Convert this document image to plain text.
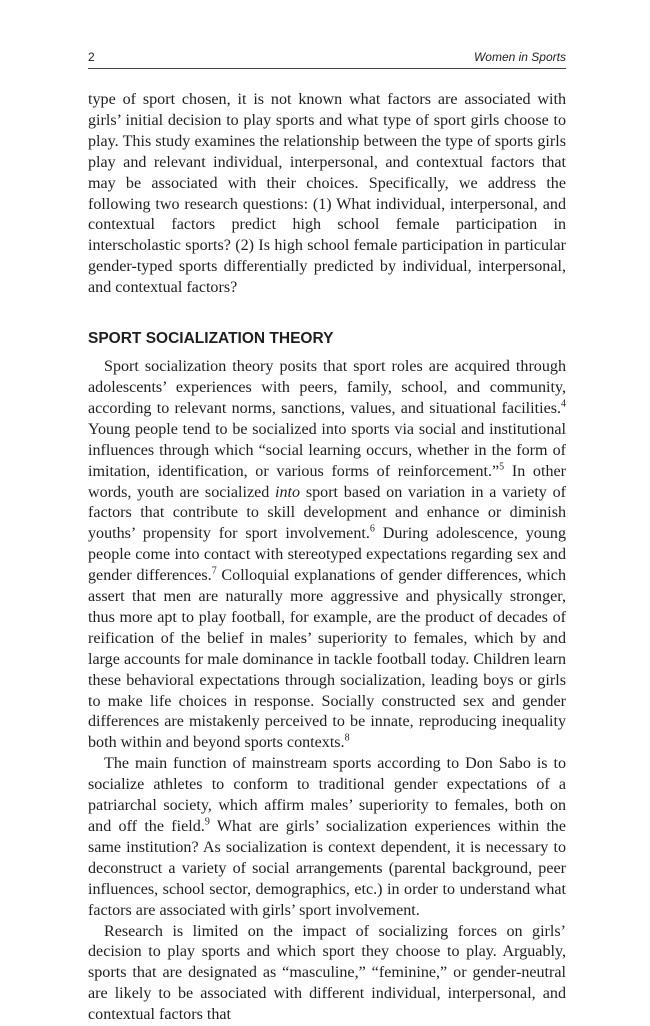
2	Women in Sports

type of sport chosen, it is not known what factors are associated with girls’ initial decision to play sports and what type of sport girls choose to play. This study examines the relationship between the type of sports girls play and relevant individual, interpersonal, and contextual factors that may be associated with their choices. Specifically, we address the following two research questions: (1) What individual, interpersonal, and contextual factors predict high school female participation in interscholastic sports? (2) Is high school female participation in particular gender-typed sports differentially predicted by individual, interpersonal, and contextual factors?

SPORT SOCIALIZATION THEORY

Sport socialization theory posits that sport roles are acquired through adolescents’ experiences with peers, family, school, and community, according to relevant norms, sanctions, values, and situational facilities.$^4$ Young people tend to be socialized into sports via social and institutional influences through which “social learning occurs, whether in the form of imitation, identification, or various forms of reinforcement.”$^5$ In other words, youth are socialized into sport based on variation in a variety of factors that contribute to skill development and enhance or diminish youths’ propensity for sport involvement.$^6$ During adolescence, young people come into contact with stereotyped expectations regarding sex and gender differences.$^7$ Colloquial explanations of gender differences, which assert that men are naturally more aggressive and physically stronger, thus more apt to play football, for example, are the product of decades of reification of the belief in males’ superiority to females, which by and large accounts for male dominance in tackle football today. Children learn these behavioral expectations through socialization, leading boys or girls to make life choices in response. Socially constructed sex and gender differences are mistakenly perceived to be innate, reproducing inequality both within and beyond sports contexts.$^8$

The main function of mainstream sports according to Don Sabo is to socialize athletes to conform to traditional gender expectations of a patriarchal society, which affirm males’ superiority to females, both on and off the field.$^9$ What are girls’ socialization experiences within the same institution? As socialization is context dependent, it is necessary to deconstruct a variety of social arrangements (parental background, peer influences, school sector, demographics, etc.) in order to understand what factors are associated with girls’ sport involvement.

Research is limited on the impact of socializing forces on girls’ decision to play sports and which sport they choose to play. Arguably, sports that are designated as “masculine,” “feminine,” or gender-neutral are likely to be associated with different individual, interpersonal, and contextual factors that
